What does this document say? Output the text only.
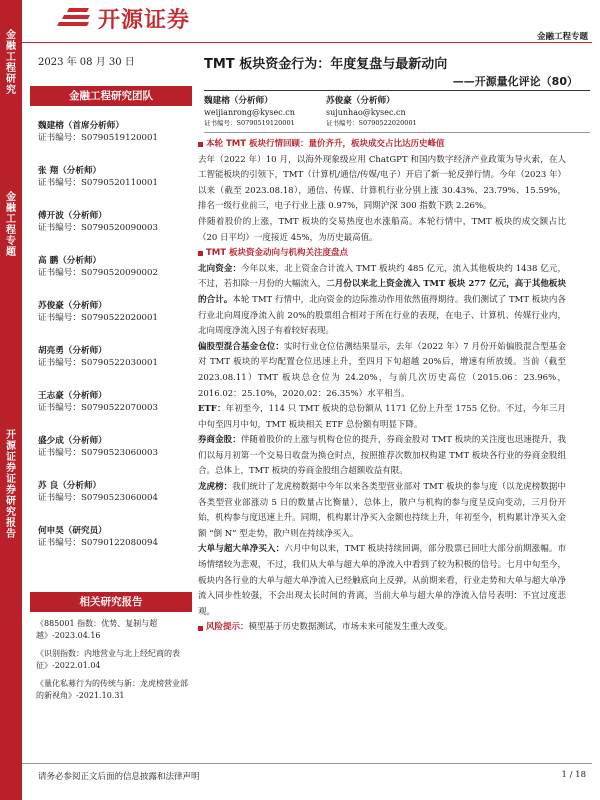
金融工程研究
金融工程专题
开源证券 证券研究报告
开源证券
金融工程专题
2023 年 08 月 30 日
金融工程研究团队
魏建榕（首席分析师）
证书编号：S0790519120001
张 翔（分析师）
证书编号：S0790520110001
傅开波（分析师）
证书编号：S0790520090003
高 鹏（分析师）
证书编号：S0790520090002
苏俊豪（分析师）
证书编号：S0790522020001
胡亮勇（分析师）
证书编号：S0790522030001
王志豪（分析师）
证书编号：S0790522070003
盛少成（分析师）
证书编号：S0790523060003
苏 良（分析师）
证书编号：S0790523060004
何申昊（研究员）
证书编号：S0790122080094
相关研究报告
《885001 指数：优势、复制与超越》-2023.04.16
《识别指数：内地营业与北上经纪商的表征》-2022.01.04
《量化私募行为的传统与新：龙虎榜营业部的新视角》-2021.10.31
TMT 板块资金行为：年度复盘与最新动向
——开源量化评论（80）
魏建榕（分析师）
weijianrong@kysec.cn
证书编号：S0790519120001
苏俊豪（分析师）
sujunhao@kysec.cn
证书编号：S0790522020001
本轮 TMT 板块行情回顾：量价齐升，板块成交占比达历史峰值

去年（2022 年）10 月，以海外现象级应用 ChatGPT 和国内数字经济产业政策为导火索，在人工智能板块的引领下，TMT（计算机/通信/传媒/电子）开启了新一轮反弹行情。今年（2023 年）以来（截至 2023.08.18），通信、传媒、计算机行业分别上涨 30.43%、23.79%、15.59%，排名一级行业前三，电子行业上涨 0.97%，同期沪深 300 指数下跌 2.26%。

伴随着股价的上涨，TMT 板块的交易热度也水涨船高。本轮行情中，TMT 板块的成交额占比（20 日平均）一度接近 45%，为历史最高值。

TMT 板块资金动向与机构关注度盘点

北向资金：今年以来，北上资金合计流入 TMT 板块约 485 亿元，流入其他板块约 1438 亿元，不过，若扣除一月份的大幅流入，二月份以来北上资金流入 TMT 板块 277 亿元，高于其他板块的合计。本轮 TMT 行情中，北向资金的边际推动作用依然值得期待。我们测试了 TMT 板块内各行业北向周度净流入前 20%的股票组合相对于所在行业的表现，在电子、计算机、传媒行业内，北向周度净流入因子有着较好表现。

偏股型混合基金仓位：实时行业仓位估测结果显示，去年（2022 年）7 月份开始偏股混合型基金对 TMT 板块的平均配置仓位迅速上升，至四月下旬超越 20%后，增速有所放缓。当前（截至 2023.08.11）TMT 板块总仓位为 24.20%，与前几次历史高位（2015.06：23.96%，2016.02：25.10%，2020.02：26.35%）水平相当。

ETF：年初至今，114 只 TMT 板块的总份额从 1171 亿份上升至 1755 亿份。不过，今年三月中旬至四月中旬，TMT 板块相关 ETF 总份额有明显下降。

券商金股：伴随着股价的上涨与机构仓位的提升，券商金股对 TMT 板块的关注度也迅速提升，我们以每月初第一个交易日收盘为换仓时点，按照推荐次数加权构建 TMT 板块各行业的券商金股组合。总体上，TMT 板块的券商金股组合超额收益有限。

龙虎榜：我们统计了龙虎榜数据中今年以来各类型营业部对 TMT 板块的参与度（以龙虎榜数据中各类型营业部涨动 5 日的数量占比衡量），总体上，散户与机构的参与度呈反向变动，三月份开始，机构参与度迅速上升。同期，机构累计净买入金额也持续上升，年初至今，机构累计净买入金额 “倒 N” 型走势，散户则在持续净买入。

大单与超大单净买入：六月中旬以来，TMT 板块持续回调，部分股票已回吐大部分前期涨幅。市场情绪较为悲观，不过，我们从大单与超大单的净流入中看到了较为积极的信号。七月中旬至今，板块内各行业的大单与超大单净流入已经触底向上反弹，从前期来看，行业走势和大单与超大单净流入同步性较强，不会出现太长时间的背离，当前大单与超大单的净流入信号表明：不宜过度悲观。

风险提示：模型基于历史数据测试，市场未来可能发生重大改变。
请务必参阅正文后面的信息披露和法律声明	1 / 18
